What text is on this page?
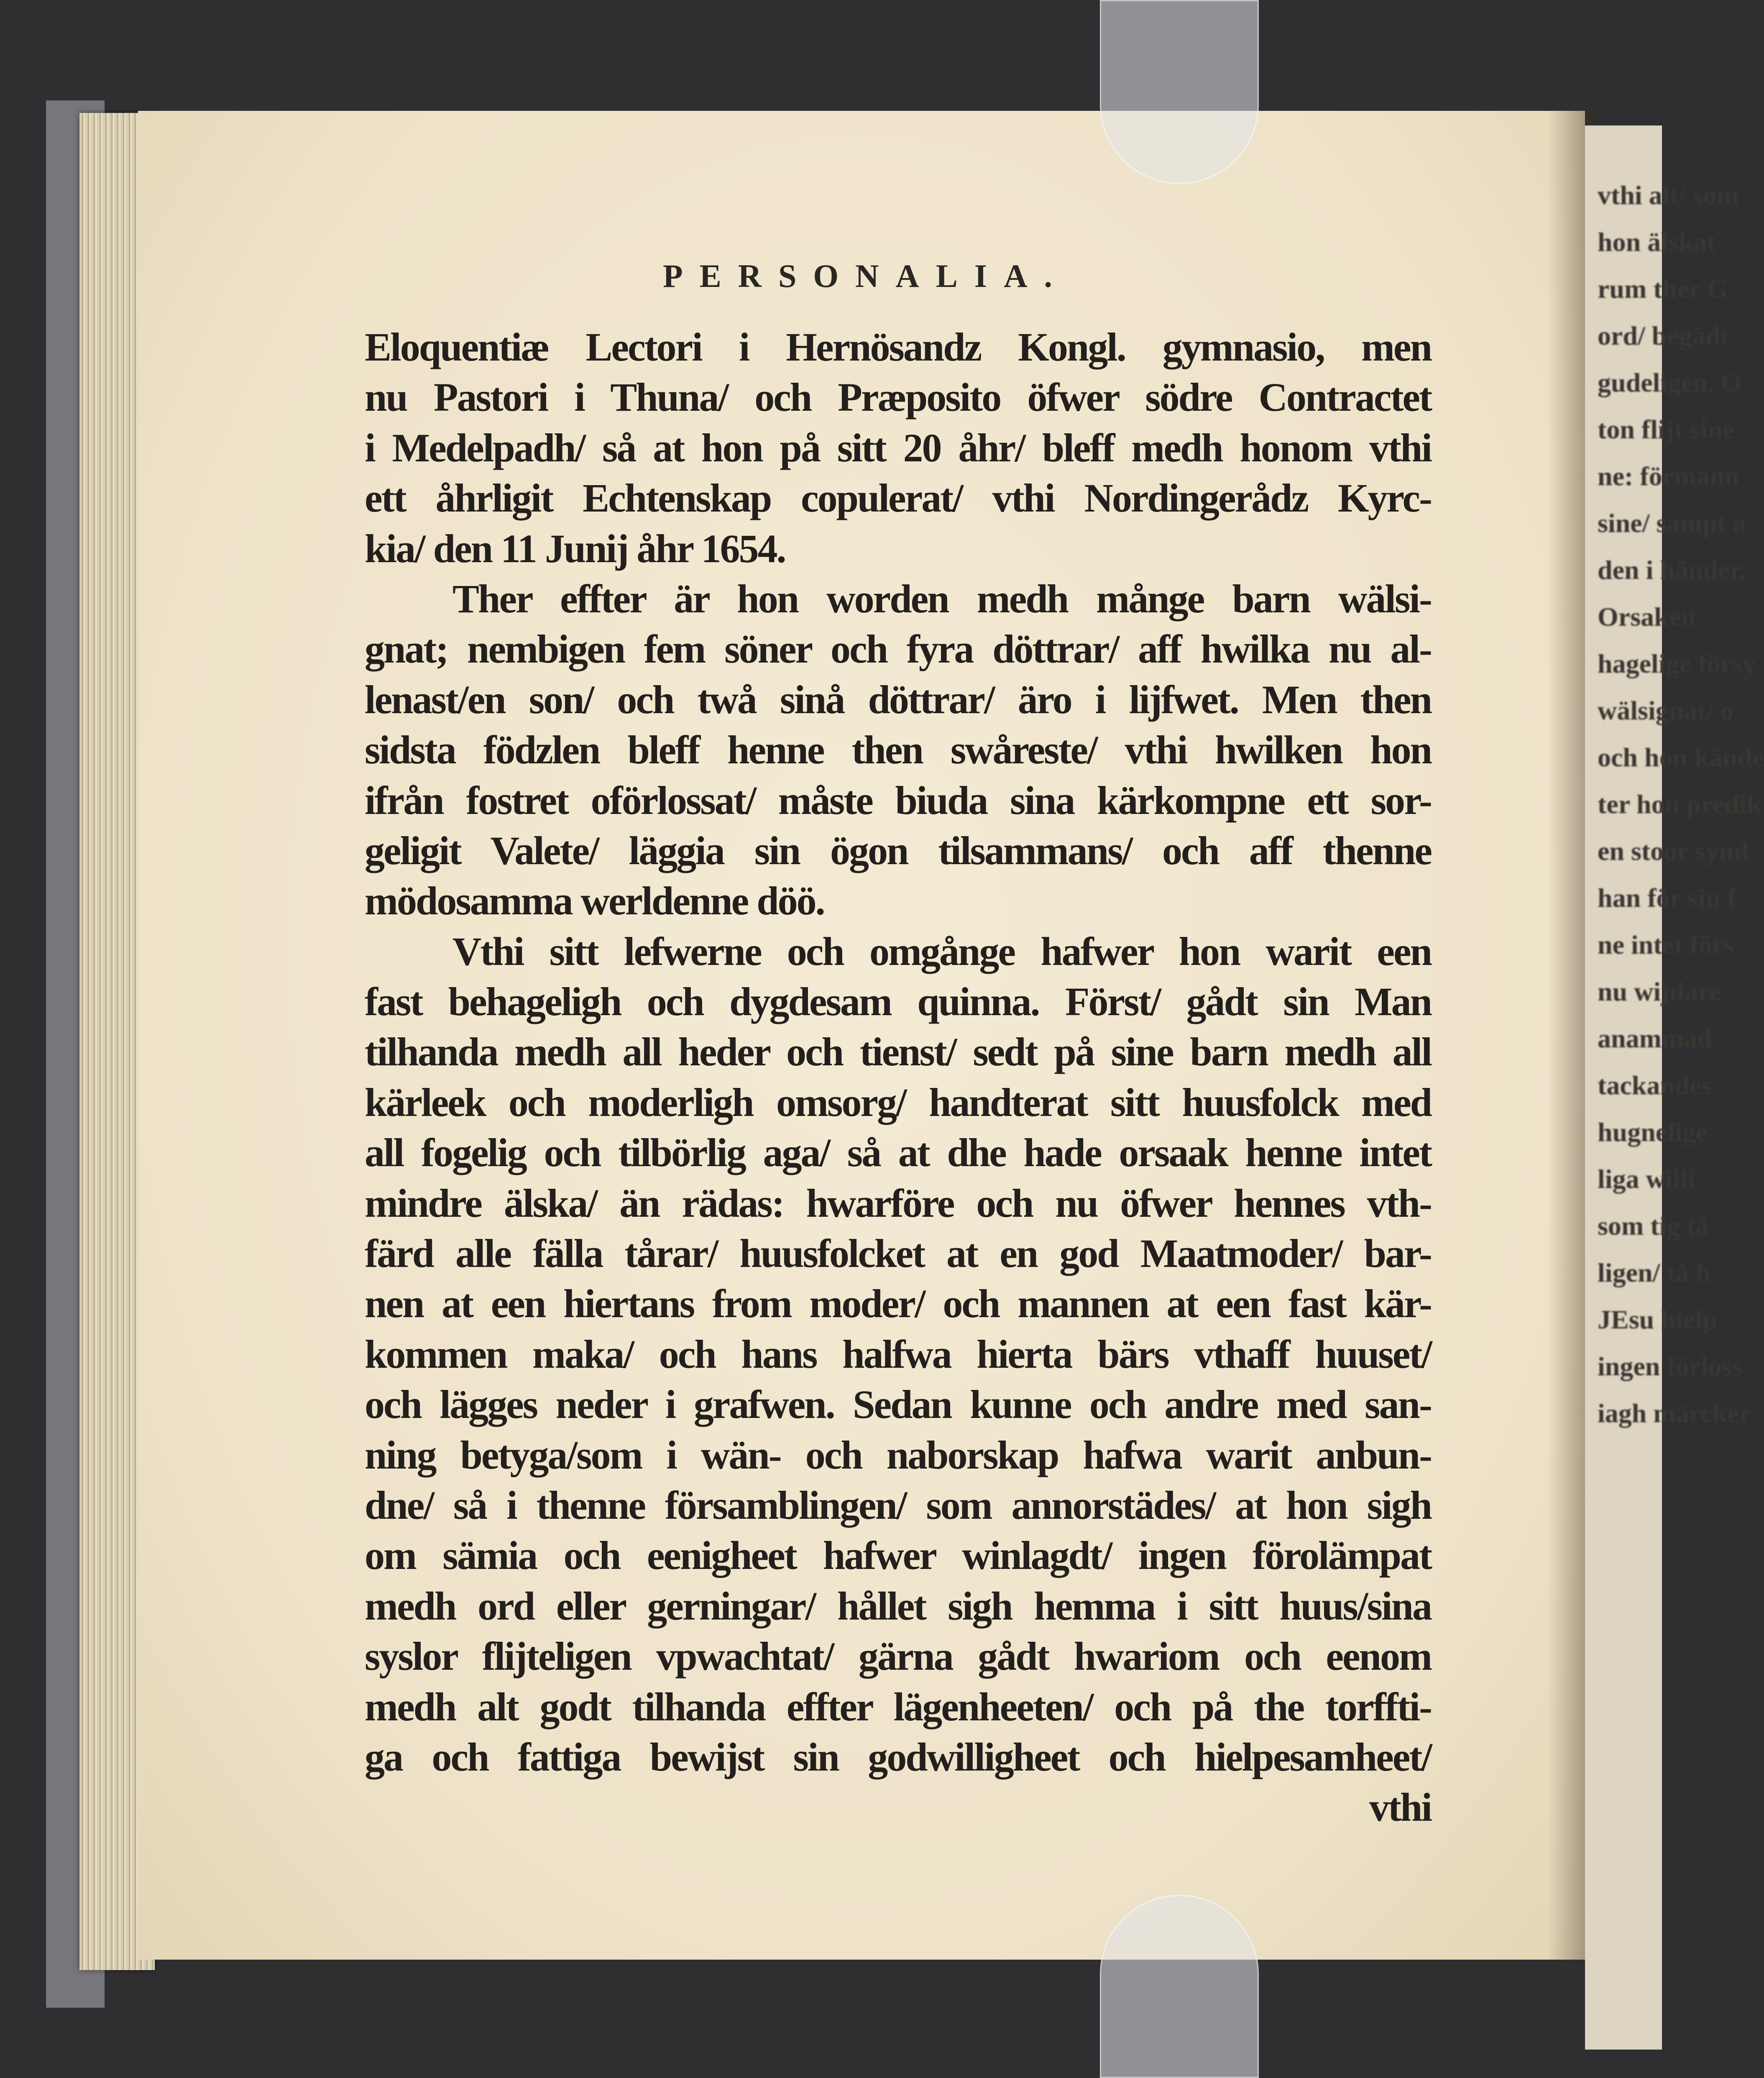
vthi alt/ som
hon älskat
rum ther G
ord/ begädt
gudeligen. O
ton flijt sine
ne: förmann
sine/ sampt a
den i händer.
Orsaken
hagelige försy
wälsignat/ o
och hon kände
ter hon predik
en stoor synd
han för sin f
ne intet förs
nu wijdare
anammad
tackandes
hugnelige
liga willi
som tig tå
ligen/ tå h
JEsu hielp
ingen förloss
iagh märcker
PERSONALIA.
Eloquentiæ Lectori i Hernösandz Kongl. gymnasio, men
nu Pastori i Thuna/ och Præposito öfwer södre Contractet
i Medelpadh/ så at hon på sitt 20 åhr/ bleff medh honom vthi
ett åhrligit Echtenskap copulerat/ vthi Nordingerådz Kyrc-
kia/ den 11 Junij åhr 1654.
Ther effter är hon worden medh månge barn wälsi-
gnat; nembigen fem söner och fyra döttrar/ aff hwilka nu al-
lenast/en son/ och twå sinå döttrar/ äro i lijfwet. Men then
sidsta födzlen bleff henne then swåreste/ vthi hwilken hon
ifrån fostret oförlossat/ måste biuda sina kärkompne ett sor-
geligit Valete/ läggia sin ögon tilsammans/ och aff thenne
mödosamma werldenne döö.
Vthi sitt lefwerne och omgånge hafwer hon warit een
fast behageligh och dygdesam quinna. Först/ gådt sin Man
tilhanda medh all heder och tienst/ sedt på sine barn medh all
kärleek och moderligh omsorg/ handterat sitt huusfolck med
all fogelig och tilbörlig aga/ så at dhe hade orsaak henne intet
mindre älska/ än rädas: hwarföre och nu öfwer hennes vth-
färd alle fälla tårar/ huusfolcket at en god Maatmoder/ bar-
nen at een hiertans from moder/ och mannen at een fast kär-
kommen maka/ och hans halfwa hierta bärs vthaff huuset/
och lägges neder i grafwen. Sedan kunne och andre med san-
ning betyga/som i wän- och naborskap hafwa warit anbun-
dne/ så i thenne församblingen/ som annorstädes/ at hon sigh
om sämia och eenigheet hafwer winlagdt/ ingen förolämpat
medh ord eller gerningar/ hållet sigh hemma i sitt huus/sina
syslor flijteligen vpwachtat/ gärna gådt hwariom och eenom
medh alt godt tilhanda effter lägenheeten/ och på the torffti-
ga och fattiga bewijst sin godwilligheet och hielpesamheet/
vthi
